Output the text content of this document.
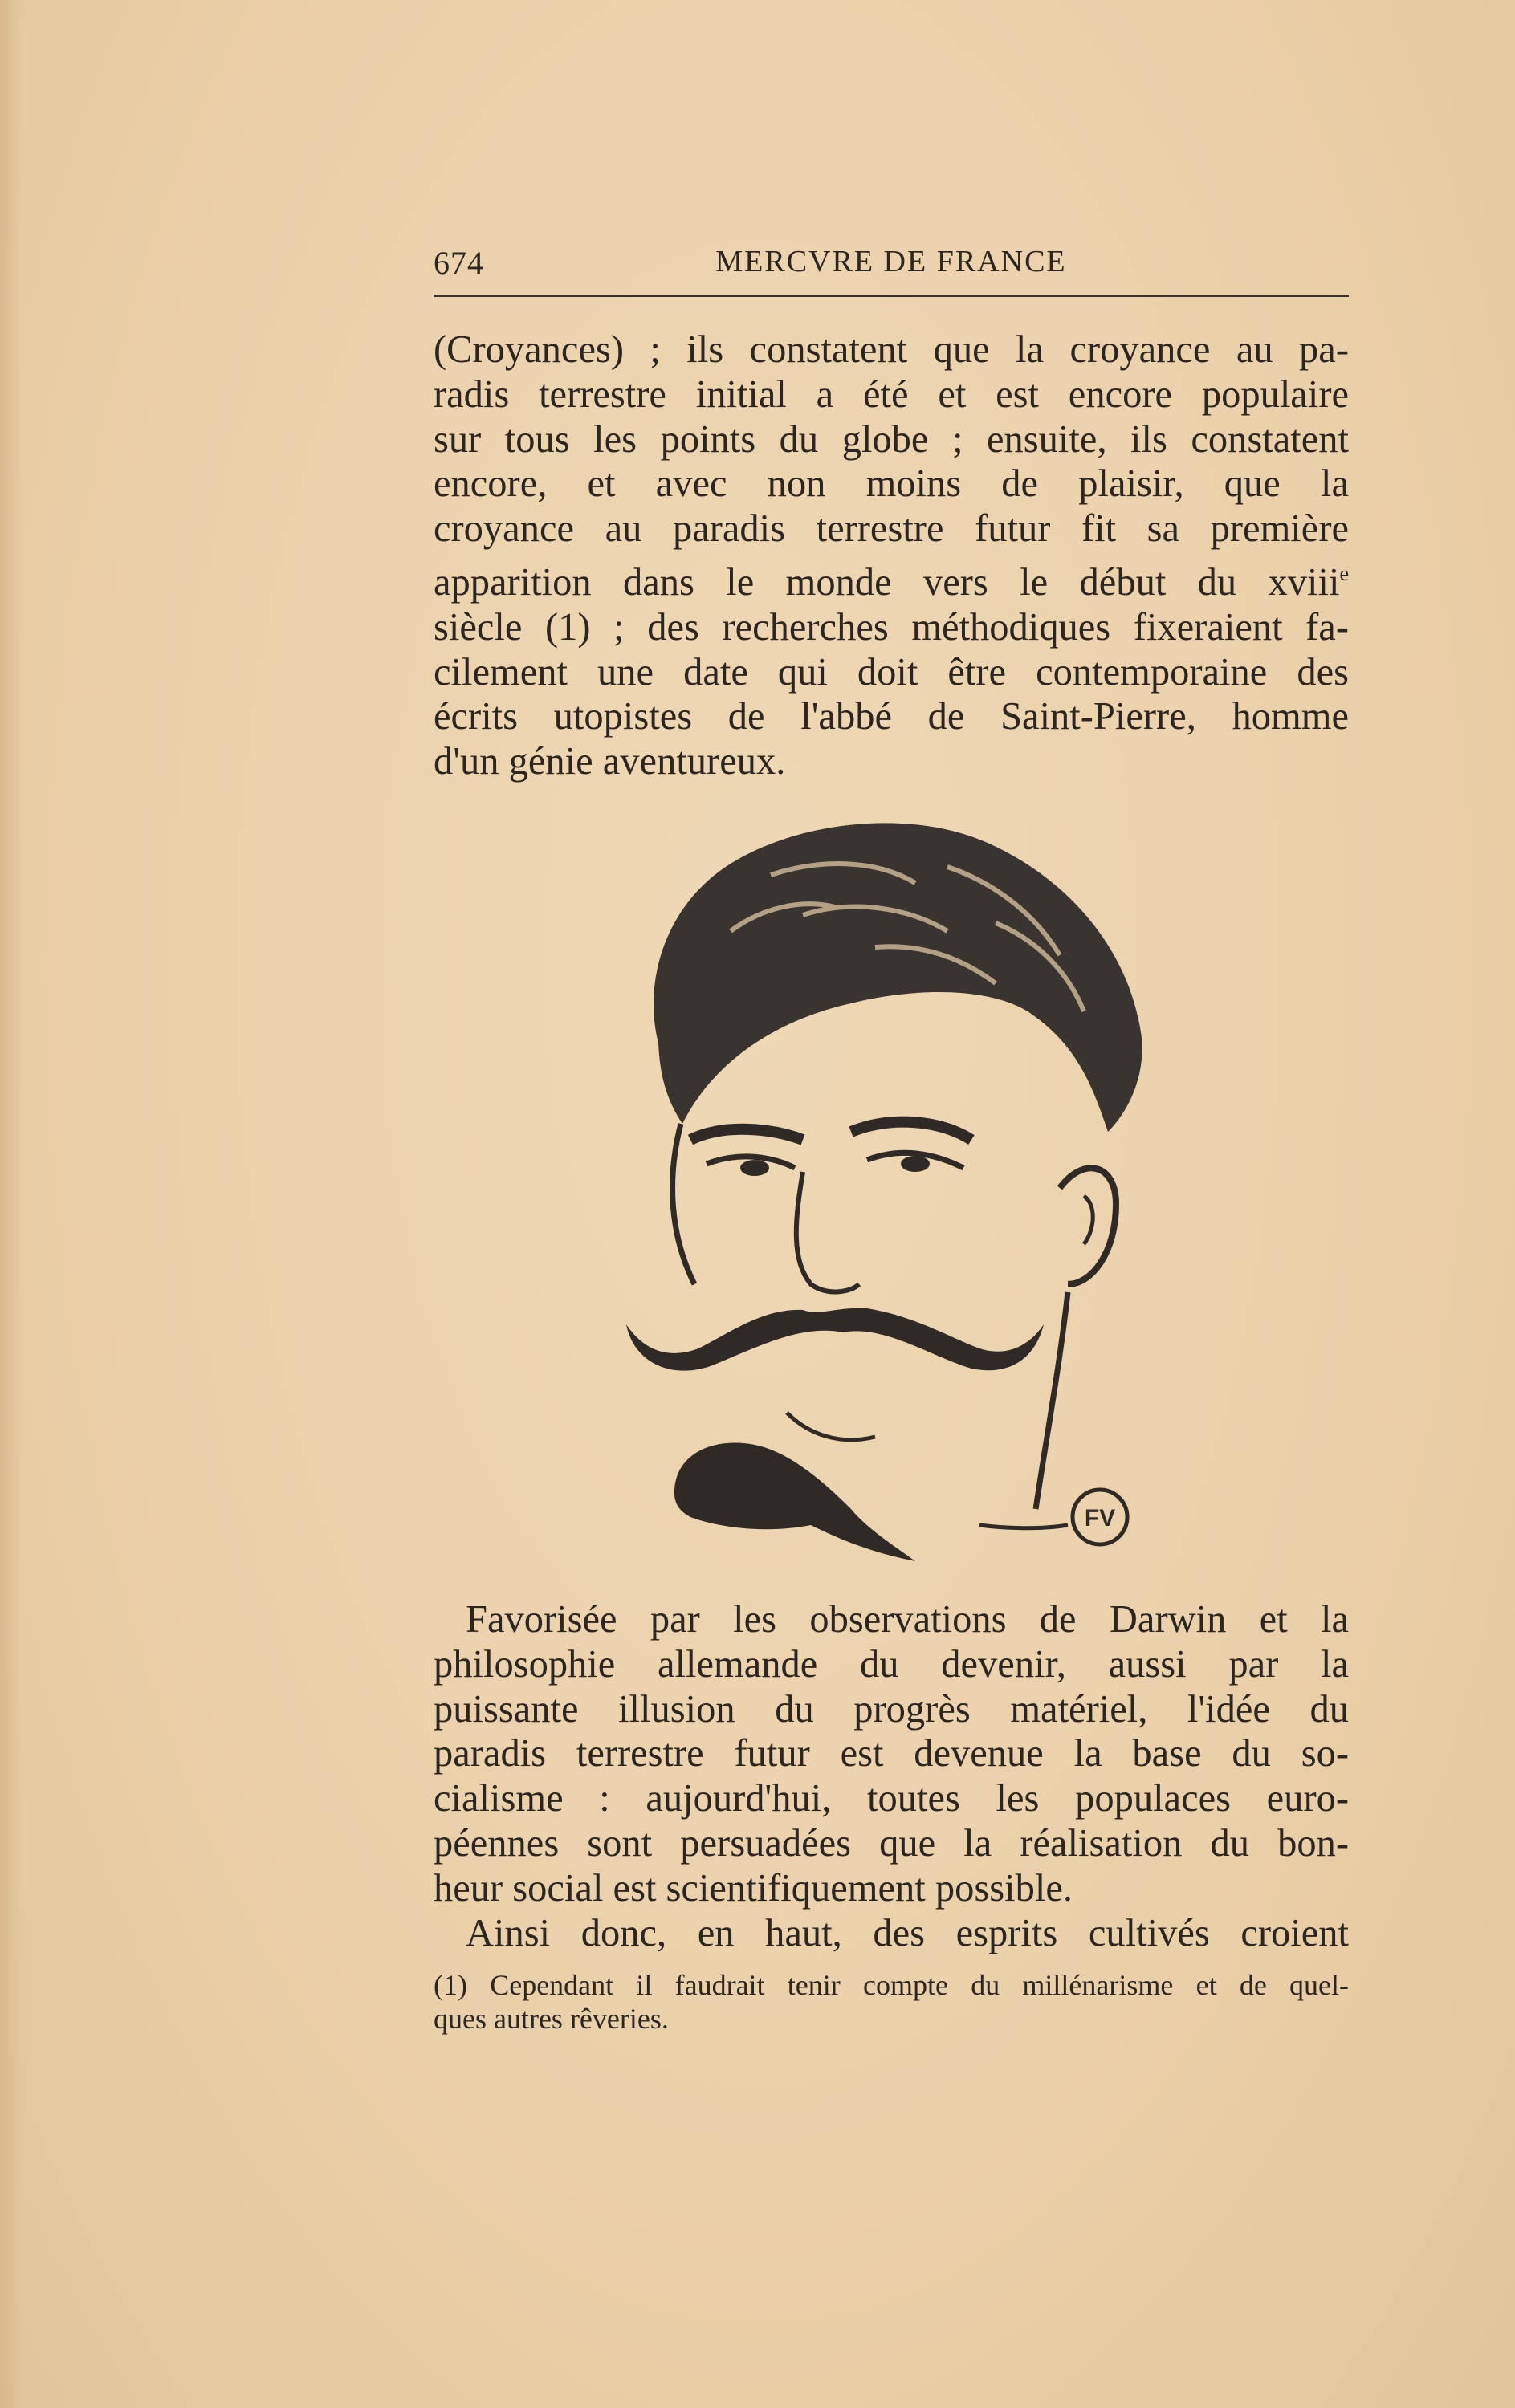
674	MERCVRE DE FRANCE
(Croyances) ; ils constatent que la croyance au pa-
radis terrestre initial a été et est encore populaire
sur tous les points du globe ; ensuite, ils constatent
encore, et avec non moins de plaisir, que la
croyance au paradis terrestre futur fit sa première
apparition dans le monde vers le début du xviii$^e$
siècle (1) ; des recherches méthodiques fixeraient fa-
cilement une date qui doit être contemporaine des
écrits utopistes de l'abbé de Saint-Pierre, homme
d'un génie aventureux.
FV
Favorisée par les observations de Darwin et la
philosophie allemande du devenir, aussi par la
puissante illusion du progrès matériel, l'idée du
paradis terrestre futur est devenue la base du so-
cialisme : aujourd'hui, toutes les populaces euro-
péennes sont persuadées que la réalisation du bon-
heur social est scientifiquement possible.
Ainsi donc, en haut, des esprits cultivés croient
(1) Cependant il faudrait tenir compte du millénarisme et de quel-
ques autres rêveries.
